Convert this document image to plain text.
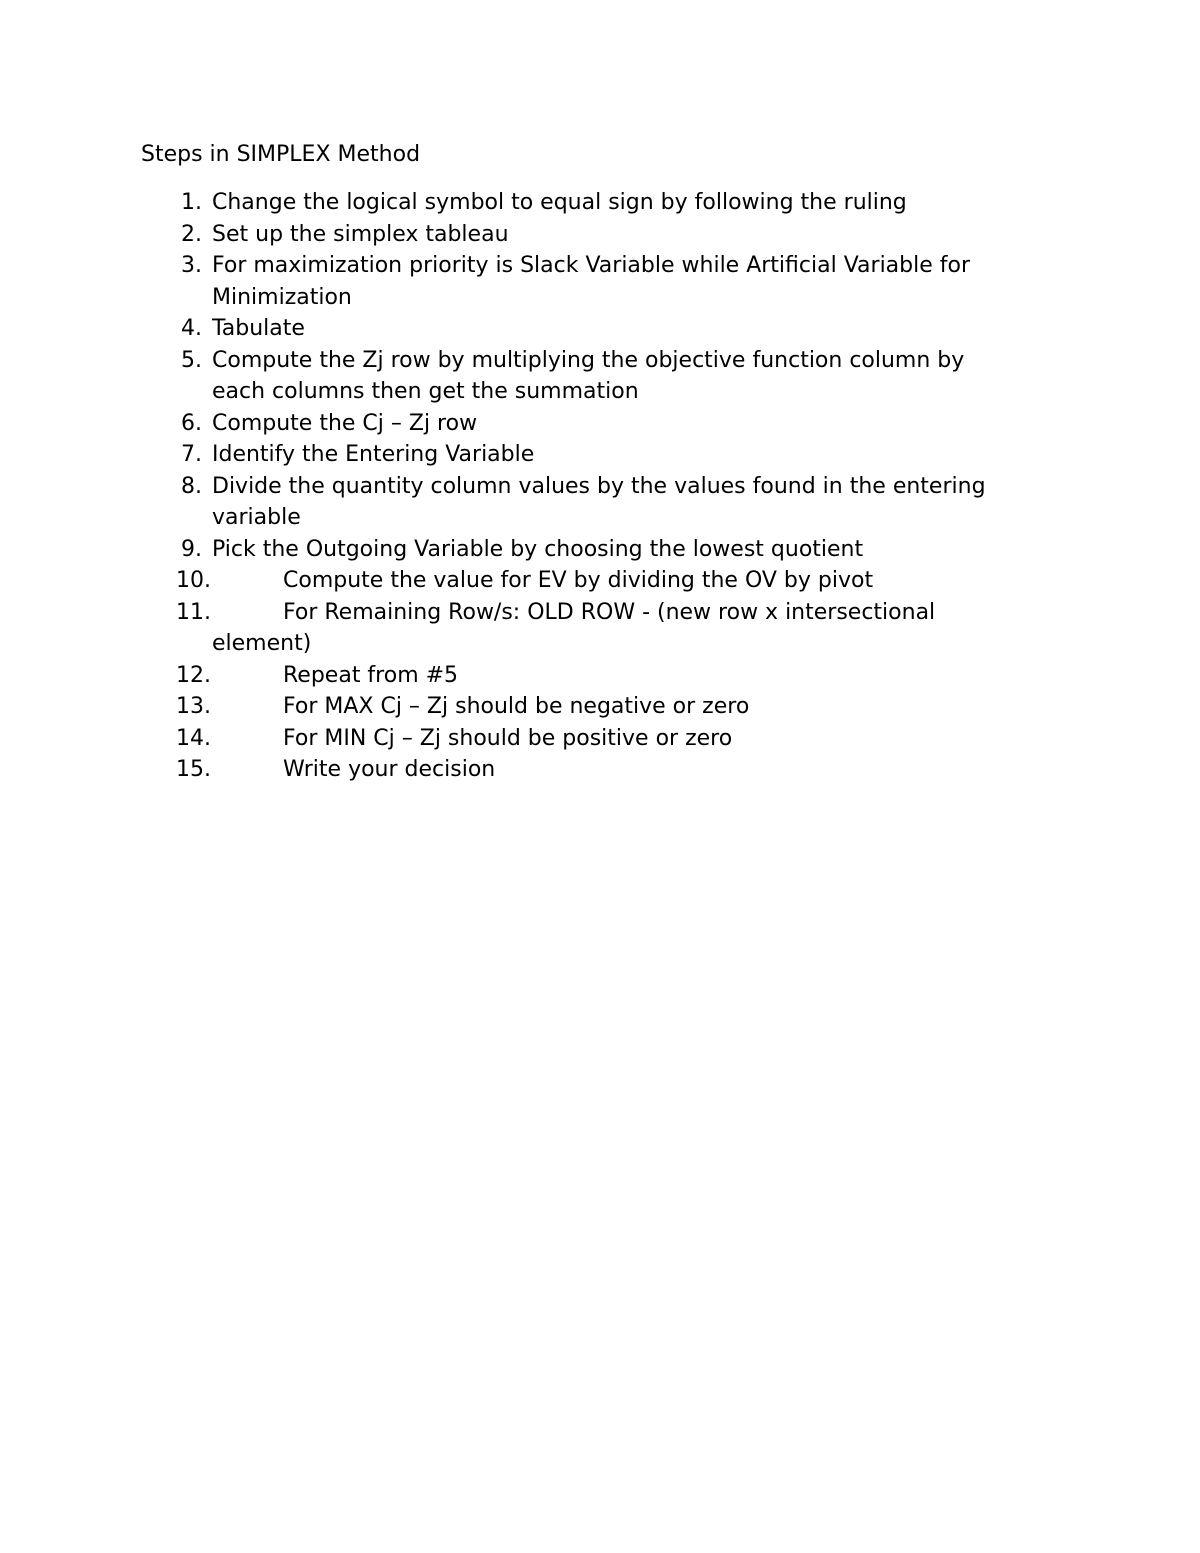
Steps in SIMPLEX Method
1. Change the logical symbol to equal sign by following the ruling
2. Set up the simplex tableau
3. For maximization priority is Slack Variable while Artificial Variable for
Minimization
4. Tabulate
5. Compute the Zj row by multiplying the objective function column by
each columns then get the summation
6. Compute the Cj – Zj row
7. Identify the Entering Variable
8. Divide the quantity column values by the values found in the entering
variable
9. Pick the Outgoing Variable by choosing the lowest quotient
10.	Compute the value for EV by dividing the OV by pivot
11.	For Remaining Row/s: OLD ROW - (new row x intersectional
element)
12.	Repeat from #5
13.	For MAX Cj – Zj should be negative or zero
14.	For MIN Cj – Zj should be positive or zero
15.	Write your decision
